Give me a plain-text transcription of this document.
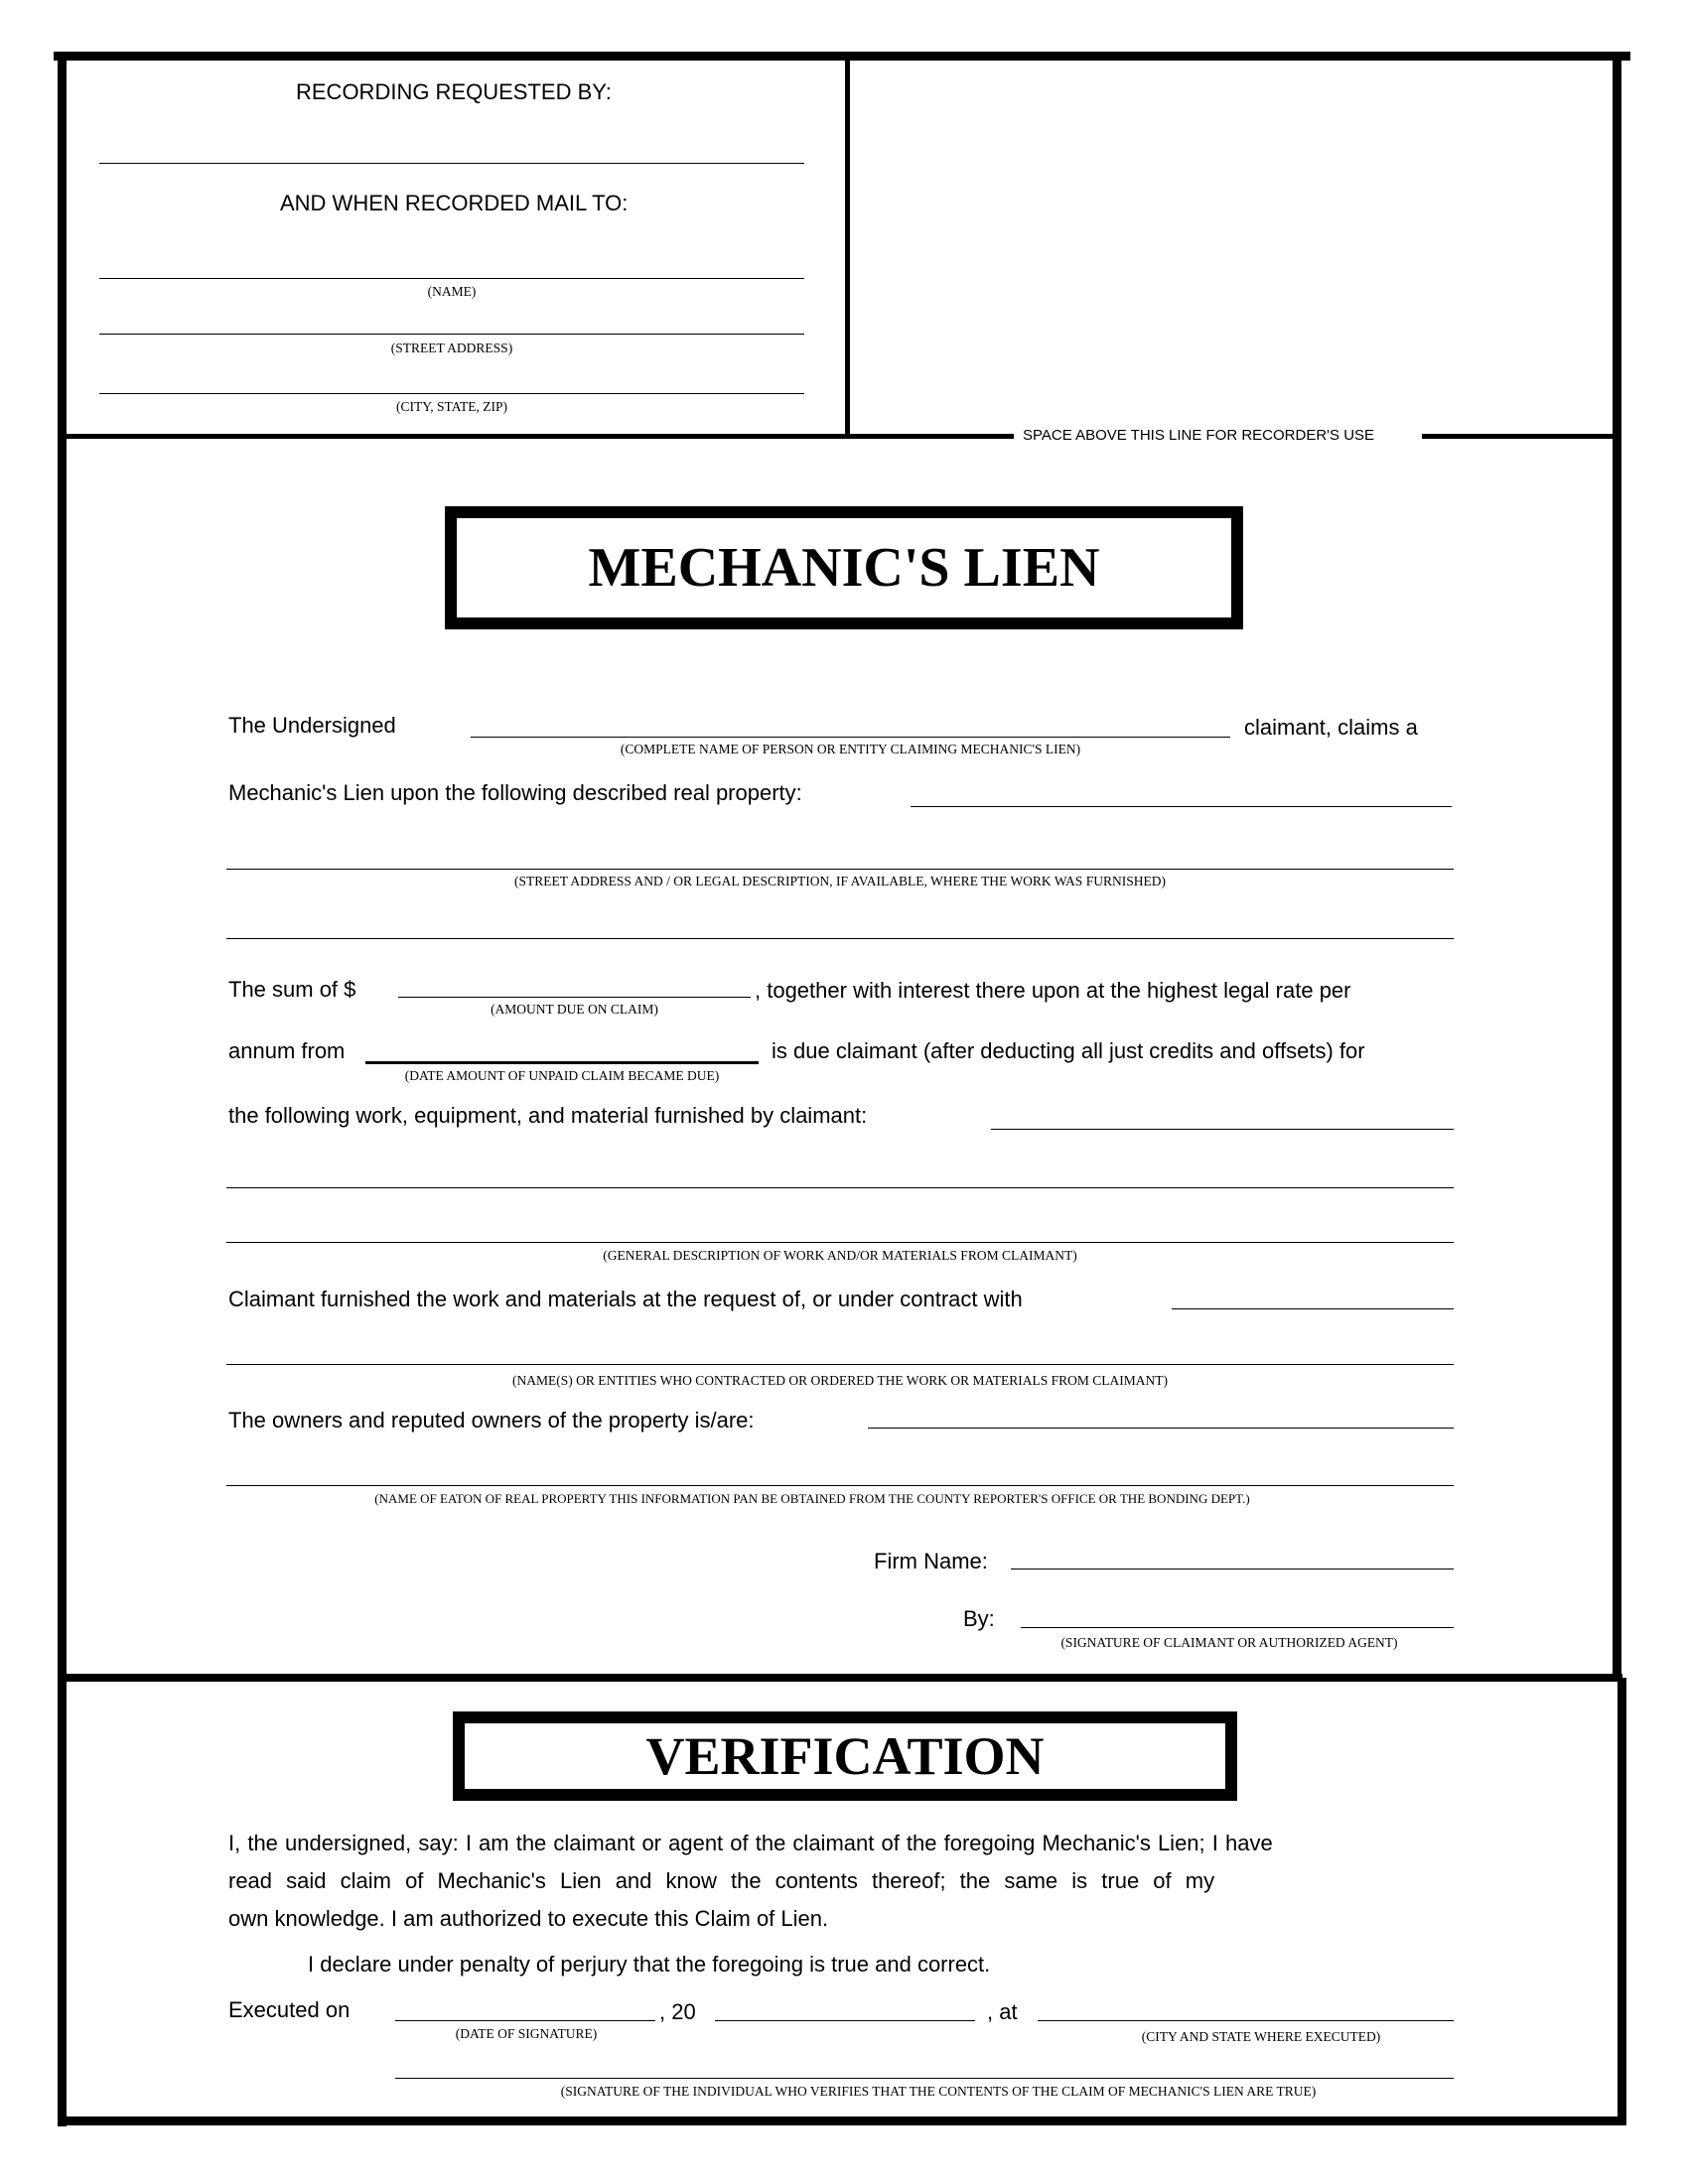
RECORDING REQUESTED BY:
AND WHEN RECORDED MAIL TO:
(NAME)
(STREET ADDRESS)
(CITY, STATE, ZIP)
SPACE ABOVE THIS LINE FOR RECORDER'S USE
MECHANIC'S LIEN
The Undersigned	claimant, claims a
(COMPLETE NAME OF PERSON OR ENTITY CLAIMING MECHANIC'S LIEN)
Mechanic's Lien upon the following described real property:
(STREET ADDRESS AND / OR LEGAL DESCRIPTION, IF AVAILABLE, WHERE THE WORK WAS FURNISHED)
The sum of $
(AMOUNT DUE ON CLAIM)
, together with interest there upon at the highest legal rate per
annum from
(DATE AMOUNT OF UNPAID CLAIM BECAME DUE)
is due claimant (after deducting all just credits and offsets) for
the following work, equipment, and material furnished by claimant:
(GENERAL DESCRIPTION OF WORK AND/OR MATERIALS FROM CLAIMANT)
Claimant furnished the work and materials at the request of, or under contract with
(NAME(S) OR ENTITIES WHO CONTRACTED OR ORDERED THE WORK OR MATERIALS FROM CLAIMANT)
The owners and reputed owners of the property is/are:
(NAME OF EATON OF REAL PROPERTY THIS INFORMATION PAN BE OBTAINED FROM THE COUNTY REPORTER'S OFFICE OR THE BONDING DEPT.)
Firm Name:
By:
(SIGNATURE OF CLAIMANT OR AUTHORIZED AGENT)
VERIFICATION
I, the undersigned, say: I am the claimant or agent of the claimant of the foregoing Mechanic's Lien; I have
read said claim of Mechanic's Lien and know the contents thereof; the same is true of my
own knowledge. I am authorized to execute this Claim of Lien.
I declare under penalty of perjury that the foregoing is true and correct.
Executed on
(DATE OF SIGNATURE)
, 20	, at
(CITY AND STATE WHERE EXECUTED)
(SIGNATURE OF THE INDIVIDUAL WHO VERIFIES THAT THE CONTENTS OF THE CLAIM OF MECHANIC'S LIEN ARE TRUE)
